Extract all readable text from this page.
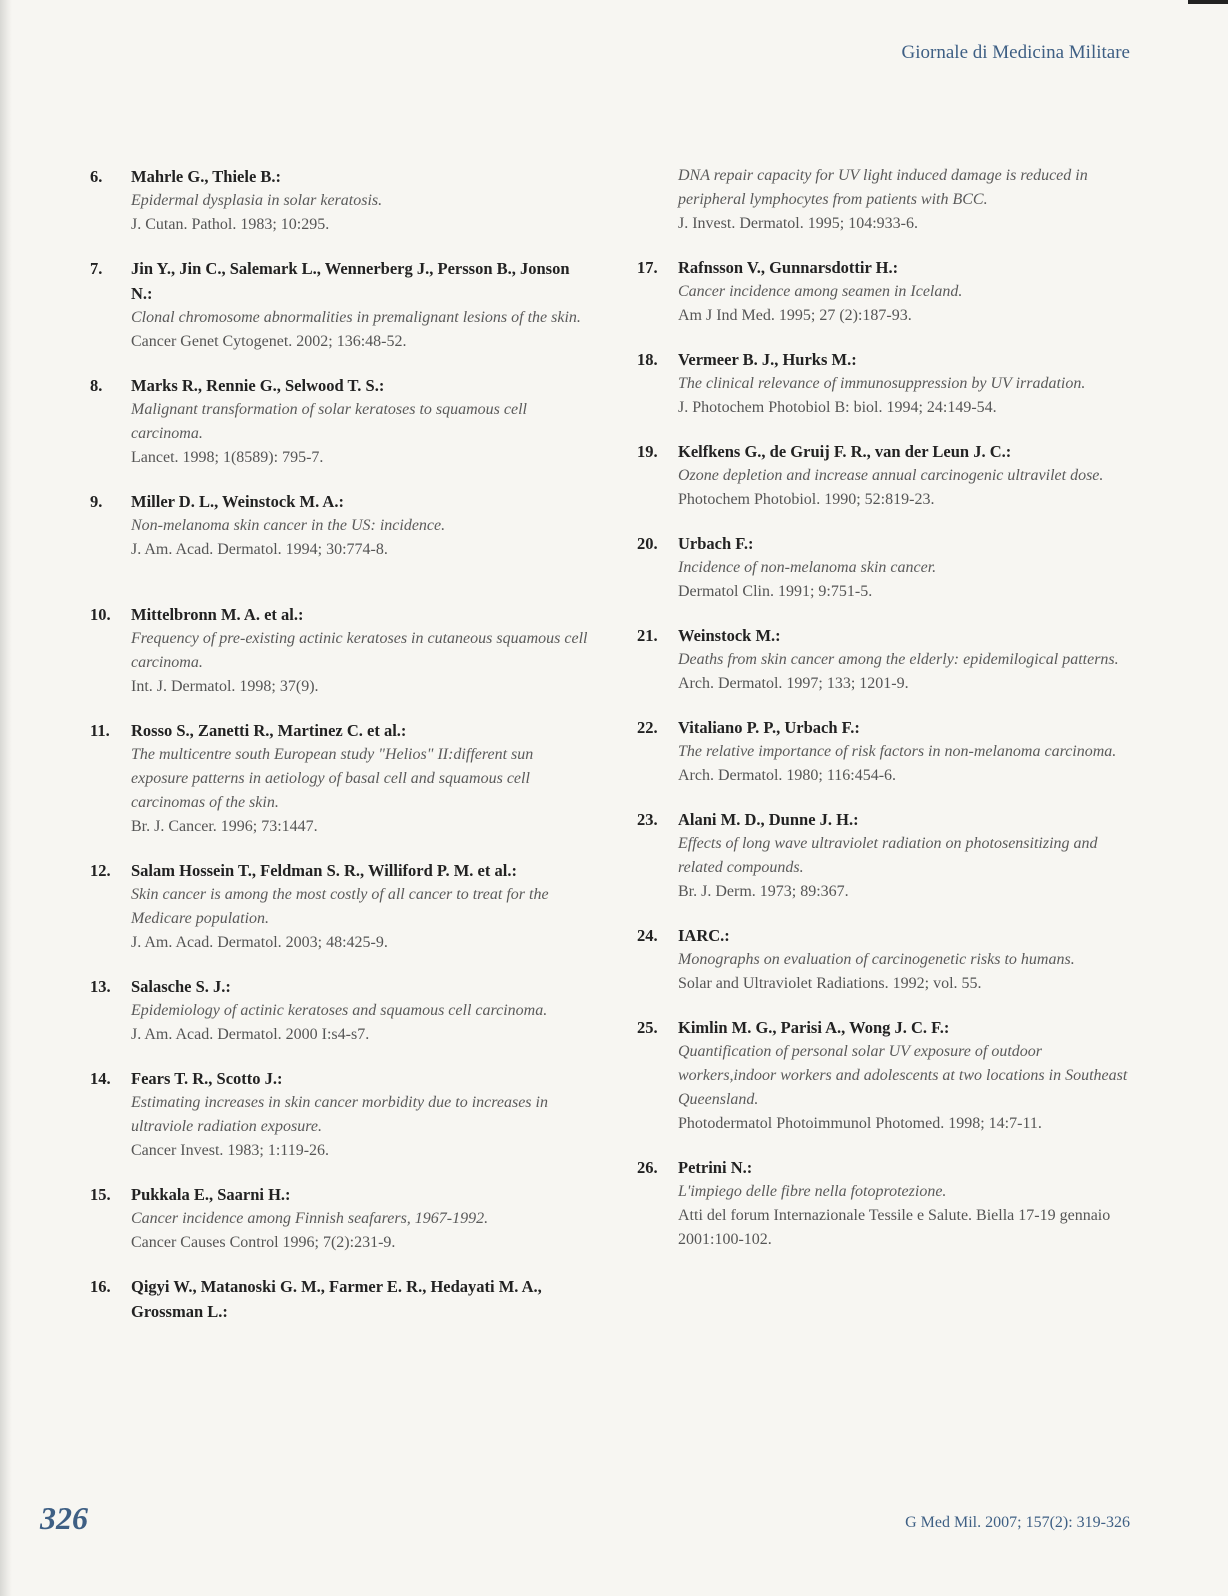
Giornale di Medicina Militare
6. Mahrle G., Thiele B.:
Epidermal dysplasia in solar keratosis.
J. Cutan. Pathol. 1983; 10:295.
7. Jin Y., Jin C., Salemark L., Wennerberg J., Persson B., Jonson N.:
Clonal chromosome abnormalities in premalignant lesions of the skin.
Cancer Genet Cytogenet. 2002; 136:48-52.
8. Marks R., Rennie G., Selwood T. S.:
Malignant transformation of solar keratoses to squamous cell carcinoma.
Lancet. 1998; 1(8589): 795-7.
9. Miller D. L., Weinstock M. A.:
Non-melanoma skin cancer in the US: incidence.
J. Am. Acad. Dermatol. 1994; 30:774-8.
10. Mittelbronn M. A. et al.:
Frequency of pre-existing actinic keratoses in cutaneous squamous cell carcinoma.
Int. J. Dermatol. 1998; 37(9).
11. Rosso S., Zanetti R., Martinez C. et al.:
The multicentre south European study "Helios" II:different sun exposure patterns in aetiology of basal cell and squamous cell carcinomas of the skin.
Br. J. Cancer. 1996; 73:1447.
12. Salam Hossein T., Feldman S. R., Williford P. M. et al.:
Skin cancer is among the most costly of all cancer to treat for the Medicare population.
J. Am. Acad. Dermatol. 2003; 48:425-9.
13. Salasche S. J.:
Epidemiology of actinic keratoses and squamous cell carcinoma.
J. Am. Acad. Dermatol. 2000 I:s4-s7.
14. Fears T. R., Scotto J.:
Estimating increases in skin cancer morbidity due to increases in ultraviole radiation exposure.
Cancer Invest. 1983; 1:119-26.
15. Pukkala E., Saarni H.:
Cancer incidence among Finnish seafarers, 1967-1992.
Cancer Causes Control 1996; 7(2):231-9.
16. Qigyi W., Matanoski G. M., Farmer E. R., Hedayati M. A., Grossman L.:
DNA repair capacity for UV light induced damage is reduced in peripheral lymphocytes from patients with BCC.
J. Invest. Dermatol. 1995; 104:933-6.
17. Rafnsson V., Gunnarsdottir H.:
Cancer incidence among seamen in Iceland.
Am J Ind Med. 1995; 27 (2):187-93.
18. Vermeer B. J., Hurks M.:
The clinical relevance of immunosuppression by UV irradation.
J. Photochem Photobiol B: biol. 1994; 24:149-54.
19. Kelfkens G., de Gruij F. R., van der Leun J. C.:
Ozone depletion and increase annual carcinogenic ultravilet dose.
Photochem Photobiol. 1990; 52:819-23.
20. Urbach F.:
Incidence of non-melanoma skin cancer.
Dermatol Clin. 1991; 9:751-5.
21. Weinstock M.:
Deaths from skin cancer among the elderly: epidemilogical patterns.
Arch. Dermatol. 1997; 133; 1201-9.
22. Vitaliano P. P., Urbach F.:
The relative importance of risk factors in non-melanoma carcinoma.
Arch. Dermatol. 1980; 116:454-6.
23. Alani M. D., Dunne J. H.:
Effects of long wave ultraviolet radiation on photosensitizing and related compounds.
Br. J. Derm. 1973; 89:367.
24. IARC.:
Monographs on evaluation of carcinogenetic risks to humans.
Solar and Ultraviolet Radiations. 1992; vol. 55.
25. Kimlin M. G., Parisi A., Wong J. C. F.:
Quantification of personal solar UV exposure of outdoor workers,indoor workers and adolescents at two locations in Southeast Queensland.
Photodermatol Photoimmunol Photomed. 1998; 14:7-11.
26. Petrini N.:
L'impiego delle fibre nella fotoprotezione.
Atti del forum Internazionale Tessile e Salute. Biella 17-19 gennaio 2001:100-102.
326	G Med Mil. 2007; 157(2): 319-326
